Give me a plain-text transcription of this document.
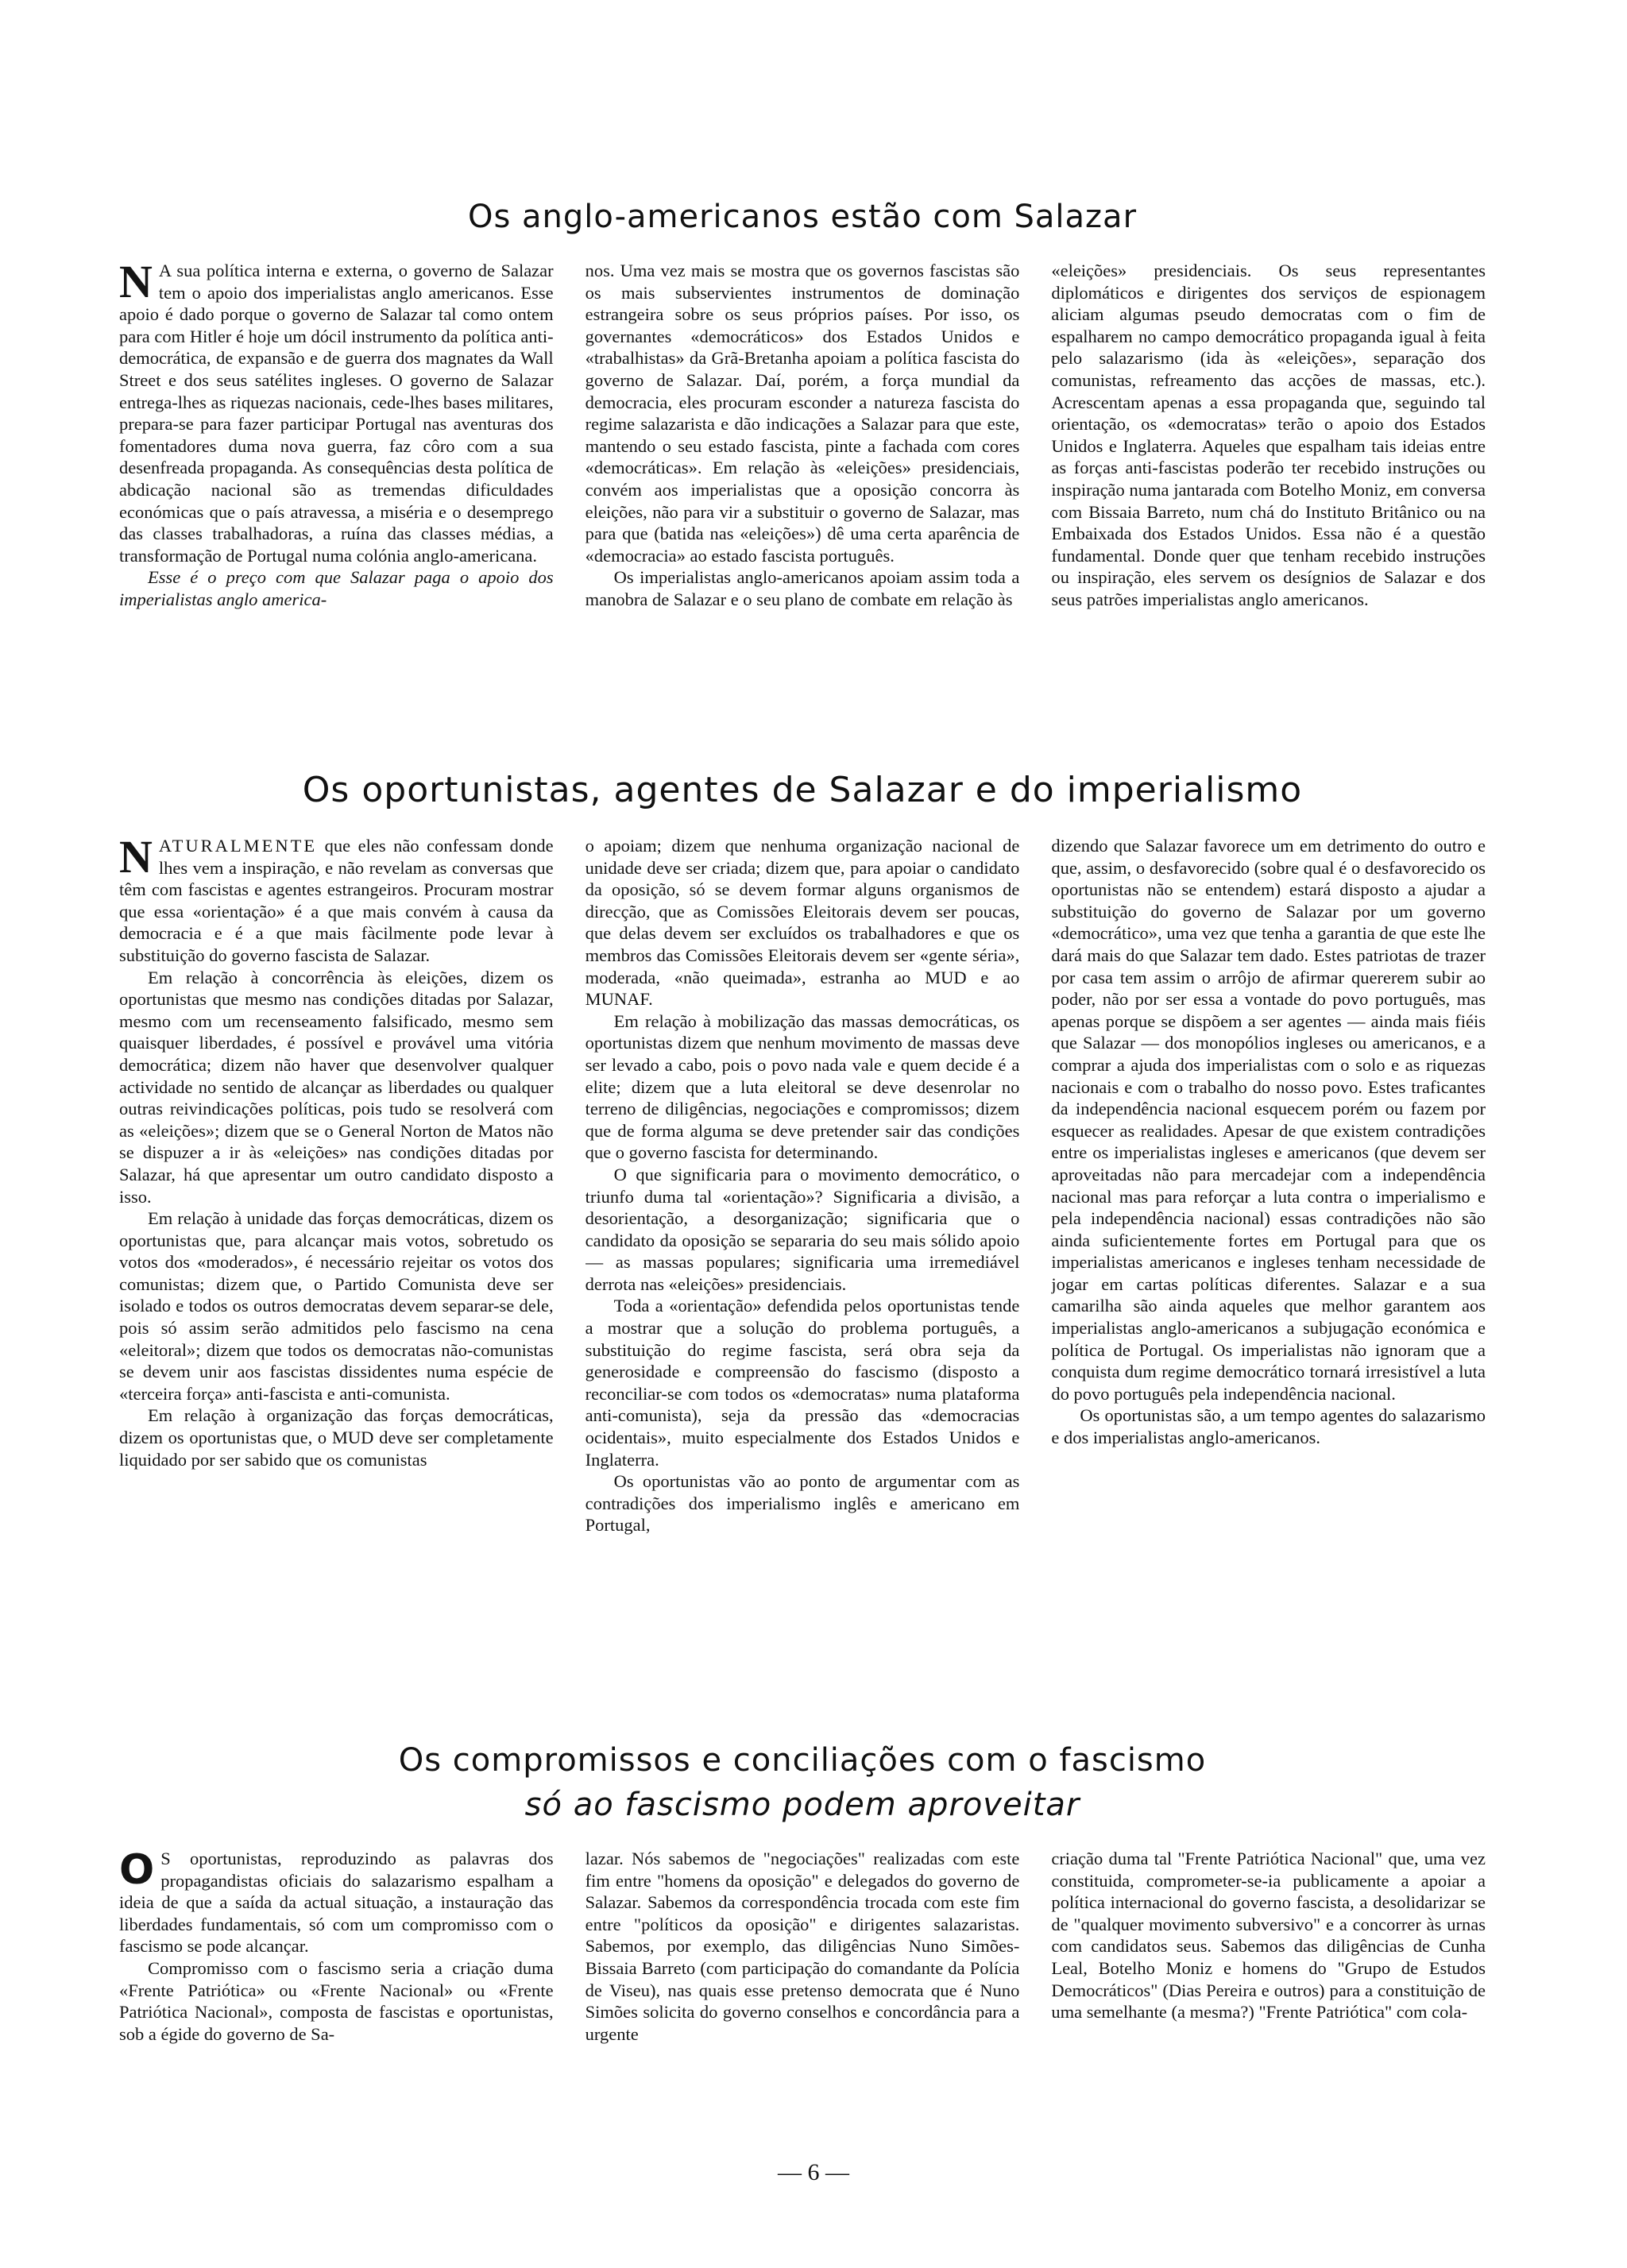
Os anglo-americanos estão com Salazar

N A sua política interna e externa, o governo de Salazar tem o apoio dos imperialistas anglo americanos. Esse apoio é dado porque o governo de Salazar tal como ontem para com Hitler é hoje um dócil instrumento da política anti-democrática, de expansão e de guerra dos magnates da Wall Street e dos seus satélites ingleses. O governo de Salazar entrega-lhes as riquezas nacionais, cede-lhes bases militares, prepara-se para fazer participar Portugal nas aventuras dos fomentadores duma nova guerra, faz côro com a sua desenfreada propaganda. As consequências desta política de abdicação nacional são as tremendas dificuldades económicas que o país atravessa, a miséria e o desemprego das classes trabalhadoras, a ruína das classes médias, a transformação de Portugal numa colónia anglo-americana.

Esse é o preço com que Salazar paga o apoio dos imperialistas anglo america-

nos. Uma vez mais se mostra que os governos fascistas são os mais subservientes instrumentos de dominação estrangeira sobre os seus próprios países. Por isso, os governantes «democráticos» dos Estados Unidos e «trabalhistas» da Grã-Bretanha apoiam a política fascista do governo de Salazar. Daí, porém, a força mundial da democracia, eles procuram esconder a natureza fascista do regime salazarista e dão indicações a Salazar para que este, mantendo o seu estado fascista, pinte a fachada com cores «democráticas». Em relação às «eleições» presidenciais, convém aos imperialistas que a oposição concorra às eleições, não para vir a substituir o governo de Salazar, mas para que (batida nas «eleições») dê uma certa aparência de «democracia» ao estado fascista português.

Os imperialistas anglo-americanos apoiam assim toda a manobra de Salazar e o seu plano de combate em relação às

«eleições» presidenciais. Os seus representantes diplomáticos e dirigentes dos serviços de espionagem aliciam algumas pseudo democratas com o fim de espalharem no campo democrático propaganda igual à feita pelo salazarismo (ida às «eleições», separação dos comunistas, refreamento das acções de massas, etc.). Acrescentam apenas a essa propaganda que, seguindo tal orientação, os «democratas» terão o apoio dos Estados Unidos e Inglaterra. Aqueles que espalham tais ideias entre as forças anti-fascistas poderão ter recebido instruções ou inspiração numa jantarada com Botelho Moniz, em conversa com Bissaia Barreto, num chá do Instituto Britânico ou na Embaixada dos Estados Unidos. Essa não é a questão fundamental. Donde quer que tenham recebido instruções ou inspiração, eles servem os desígnios de Salazar e dos seus patrões imperialistas anglo americanos.

Os oportunistas, agentes de Salazar e do imperialismo

NATURALMENTE que eles não confessam donde lhes vem a inspiração, e não revelam as conversas que têm com fascistas e agentes estrangeiros. Procuram mostrar que essa «orientação» é a que mais convém à causa da democracia e é a que mais fàcilmente pode levar à substituição do governo fascista de Salazar.

Em relação à concorrência às eleições, dizem os oportunistas que mesmo nas condições ditadas por Salazar, mesmo com um recenseamento falsificado, mesmo sem quaisquer liberdades, é possível e provável uma vitória democrática; dizem não haver que desenvolver qualquer actividade no sentido de alcançar as liberdades ou qualquer outras reivindicações políticas, pois tudo se resolverá com as «eleições»; dizem que se o General Norton de Matos não se dispuzer a ir às «eleições» nas condições ditadas por Salazar, há que apresentar um outro candidato disposto a isso.

Em relação à unidade das forças democráticas, dizem os oportunistas que, para alcançar mais votos, sobretudo os votos dos «moderados», é necessário rejeitar os votos dos comunistas; dizem que, o Partido Comunista deve ser isolado e todos os outros democratas devem separar-se dele, pois só assim serão admitidos pelo fascismo na cena «eleitoral»; dizem que todos os democratas não-comunistas se devem unir aos fascistas dissidentes numa espécie de «terceira força» anti-fascista e anti-comunista.

Em relação à organização das forças democráticas, dizem os oportunistas que, o MUD deve ser completamente liquidado por ser sabido que os comunistas

o apoiam; dizem que nenhuma organização nacional de unidade deve ser criada; dizem que, para apoiar o candidato da oposição, só se devem formar alguns organismos de direcção, que as Comissões Eleitorais devem ser poucas, que delas devem ser excluídos os trabalhadores e que os membros das Comissões Eleitorais devem ser «gente séria», moderada, «não queimada», estranha ao MUD e ao MUNAF.

Em relação à mobilização das massas democráticas, os oportunistas dizem que nenhum movimento de massas deve ser levado a cabo, pois o povo nada vale e quem decide é a elite; dizem que a luta eleitoral se deve desenrolar no terreno de diligências, negociações e compromissos; dizem que de forma alguma se deve pretender sair das condições que o governo fascista for determinando.

O que significaria para o movimento democrático, o triunfo duma tal «orientação»? Significaria a divisão, a desorientação, a desorganização; significaria que o candidato da oposição se separaria do seu mais sólido apoio — as massas populares; significaria uma irremediável derrota nas «eleições» presidenciais.

Toda a «orientação» defendida pelos oportunistas tende a mostrar que a solução do problema português, a substituição do regime fascista, será obra seja da generosidade e compreensão do fascismo (disposto a reconciliar-se com todos os «democratas» numa plataforma anti-comunista), seja da pressão das «democracias ocidentais», muito especialmente dos Estados Unidos e Inglaterra.

Os oportunistas vão ao ponto de argumentar com as contradições dos imperialismo inglês e americano em Portugal,

dizendo que Salazar favorece um em detrimento do outro e que, assim, o desfavorecido (sobre qual é o desfavorecido os oportunistas não se entendem) estará disposto a ajudar a substituição do governo de Salazar por um governo «democrático», uma vez que tenha a garantia de que este lhe dará mais do que Salazar tem dado. Estes patriotas de trazer por casa tem assim o arrôjo de afirmar quererem subir ao poder, não por ser essa a vontade do povo português, mas apenas porque se dispõem a ser agentes — ainda mais fiéis que Salazar — dos monopólios ingleses ou americanos, e a comprar a ajuda dos imperialistas com o solo e as riquezas nacionais e com o trabalho do nosso povo. Estes traficantes da independência nacional esquecem porém ou fazem por esquecer as realidades. Apesar de que existem contradições entre os imperialistas ingleses e americanos (que devem ser aproveitadas não para mercadejar com a independência nacional mas para reforçar a luta contra o imperialismo e pela independência nacional) essas contradições não são ainda suficientemente fortes em Portugal para que os imperialistas americanos e ingleses tenham necessidade de jogar em cartas políticas diferentes. Salazar e a sua camarilha são ainda aqueles que melhor garantem aos imperialistas anglo-americanos a subjugação económica e política de Portugal. Os imperialistas não ignoram que a conquista dum regime democrático tornará irresistível a luta do povo português pela independência nacional.

Os oportunistas são, a um tempo agentes do salazarismo e dos imperialistas anglo-americanos.

Os compromissos e conciliações com o fascismo
só ao fascismo podem aproveitar

O S oportunistas, reproduzindo as palavras dos propagandistas oficiais do salazarismo espalham a ideia de que a saída da actual situação, a instauração das liberdades fundamentais, só com um compromisso com o fascismo se pode alcançar.

Compromisso com o fascismo seria a criação duma «Frente Patriótica» ou «Frente Nacional» ou «Frente Patriótica Nacional», composta de fascistas e oportunistas, sob a égide do governo de Sa-

lazar. Nós sabemos de "negociações" realizadas com este fim entre "homens da oposição" e delegados do governo de Salazar. Sabemos da correspondência trocada com este fim entre "políticos da oposição" e dirigentes salazaristas. Sabemos, por exemplo, das diligências Nuno Simões-Bissaia Barreto (com participação do comandante da Polícia de Viseu), nas quais esse pretenso democrata que é Nuno Simões solicita do governo conselhos e concordância para a urgente

criação duma tal "Frente Patriótica Nacional" que, uma vez constituida, comprometer-se-ia publicamente a apoiar a política internacional do governo fascista, a desolidarizar se de "qualquer movimento subversivo" e a concorrer às urnas com candidatos seus. Sabemos das diligências de Cunha Leal, Botelho Moniz e homens do "Grupo de Estudos Democráticos" (Dias Pereira e outros) para a constituição de uma semelhante (a mesma?) "Frente Patriótica" com cola-

— 6 —
